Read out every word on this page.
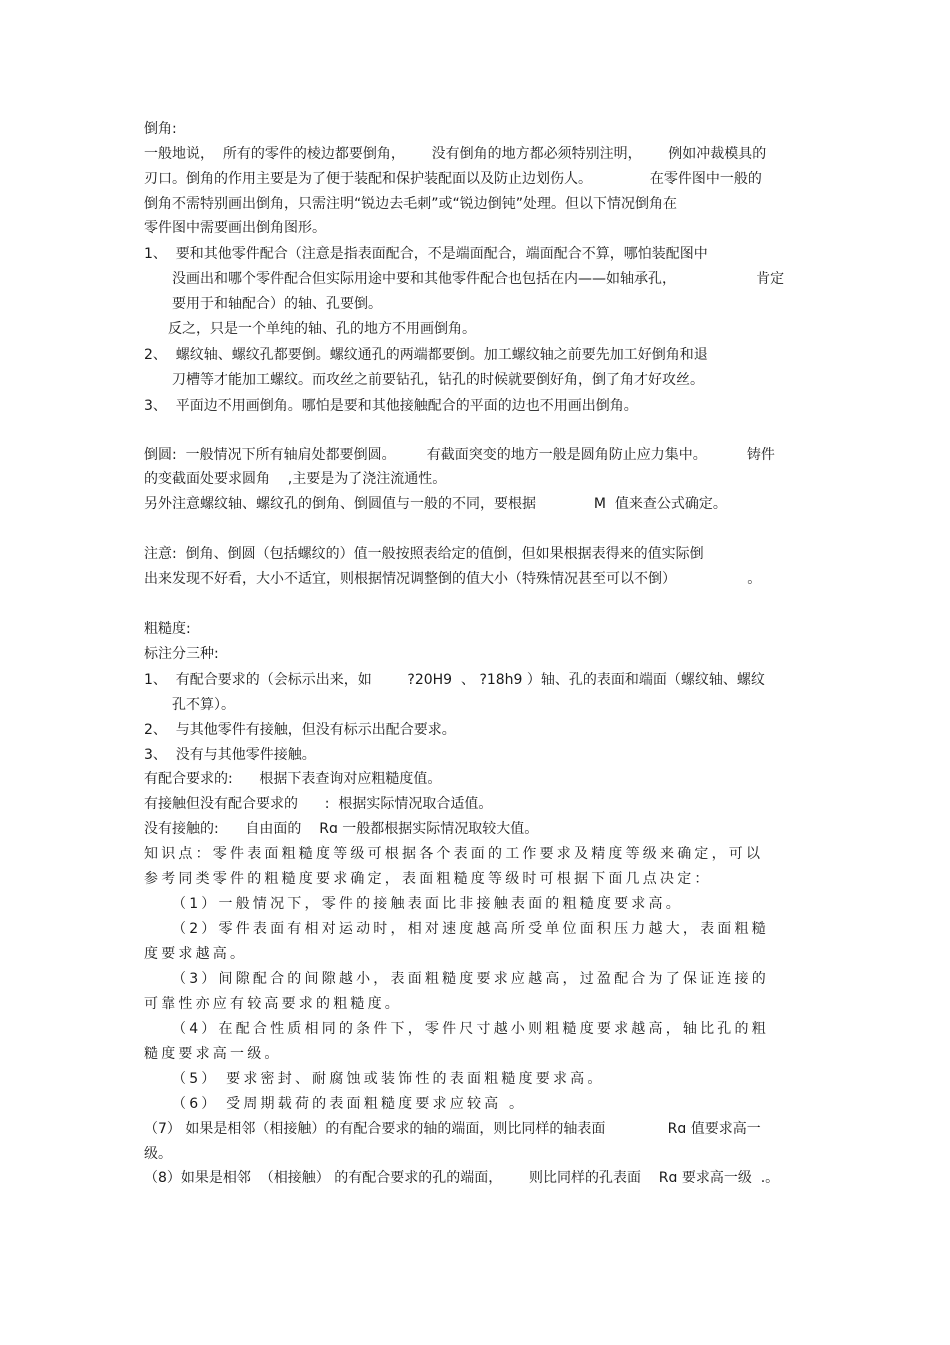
倒角:

一般地说，  所有的零件的棱边都要倒角，      没有倒角的地方都必须特别注明，      例如冲裁模具的

刃口。倒角的作用主要是为了便于装配和保护装配面以及防止边划伤人。             在零件图中一般的

倒角不需特别画出倒角，只需注明“锐边去毛刺”或“锐边倒钝”处理。但以下情况倒角在

零件图中需要画出倒角图形。

1、  要和其他零件配合（注意是指表面配合，不是端面配合，端面配合不算，哪怕装配图中

没画出和哪个零件配合但实际用途中要和其他零件配合也包括在内——如轴承孔，                  肯定

要用于和轴配合）的轴、孔要倒。

反之，只是一个单纯的轴、孔的地方不用画倒角。

2、  螺纹轴、螺纹孔都要倒。螺纹通孔的两端都要倒。加工螺纹轴之前要先加工好倒角和退

刀槽等才能加工螺纹。而攻丝之前要钻孔，钻孔的时候就要倒好角，倒了角才好攻丝。

3、  平面边不用画倒角。哪怕是要和其他接触配合的平面的边也不用画出倒角。

倒圆:  一般情况下所有轴肩处都要倒圆。       有截面突变的地方一般是圆角防止应力集中。         铸件

的变截面处要求圆角    ,主要是为了浇注流通性。

另外注意螺纹轴、螺纹孔的倒角、倒圆值与一般的不同，要根据             M  值来查公式确定。

注意:  倒角、倒圆（包括螺纹的）值一般按照表给定的值倒，但如果根据表得来的值实际倒

出来发现不好看，大小不适宜，则根据情况调整倒的值大小（特殊情况甚至可以不倒）                。

粗糙度:

标注分三种:

1、  有配合要求的（会标示出来，如        ?20H9  、 ?18h9 ）轴、孔的表面和端面（螺纹轴、螺纹

孔不算）。

2、  与其他零件有接触，但没有标示出配合要求。

3、  没有与其他零件接触。

有配合要求的:      根据下表查询对应粗糙度值。

有接触但没有配合要求的      :  根据实际情况取合适值。

没有接触的:      自由面的    Rɑ 一般都根据实际情况取较大值。

知识点：零件表面粗糙度等级可根据各个表面的工作要求及精度等级来确定，可以

参考同类零件的粗糙度要求确定，表面粗糙度等级时可根据下面几点决定：

（1）一般情况下，零件的接触表面比非接触表面的粗糙度要求高。

（2）零件表面有相对运动时，相对速度越高所受单位面积压力越大，表面粗糙

度要求越高。

（3）间隙配合的间隙越小，表面粗糙度要求应越高，过盈配合为了保证连接的

可靠性亦应有较高要求的粗糙度。

（4）在配合性质相同的条件下，零件尺寸越小则粗糙度要求越高，轴比孔的粗

糙度要求高一级。

（5） 要求密封、耐腐蚀或装饰性的表面粗糙度要求高。

（6） 受周期载荷的表面粗糙度要求应较高 。

（7） 如果是相邻（相接触）的有配合要求的轴的端面，则比同样的轴表面              Rɑ 值要求高一

级。

（8）如果是相邻  （相接触） 的有配合要求的孔的端面，      则比同样的孔表面    Rɑ 要求高一级  .。
